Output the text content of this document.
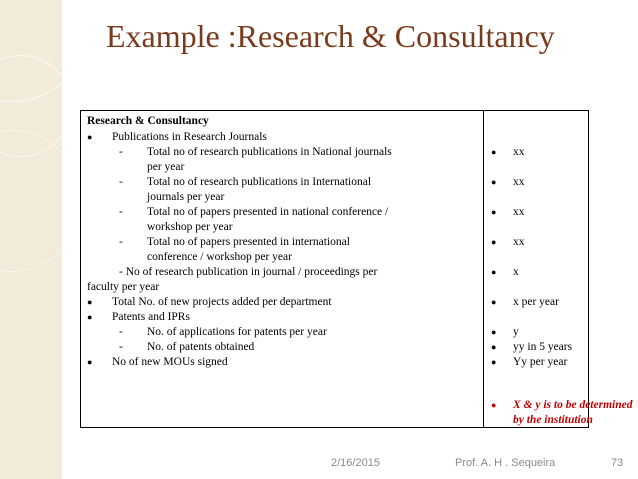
Example :Research & Consultancy
Research & Consultancy
● Publications in Research Journals
- Total no of research publications in National journals
per year
- Total no of research publications in International
journals per year
- Total no of papers presented in national conference /
workshop per year
- Total no of papers presented in international
conference / workshop per year
- No of research publication in journal / proceedings per
faculty per year
● Total No. of new projects added per department
● Patents and IPRs
- No. of applications for patents per year
- No. of patents obtained
● No of new MOUs signed
● xx
● xx
● xx
● xx
● x
● x per year
● y
● yy in 5 years
● Yy per year
● X & y is to be determined
by the institution
2/16/2015	Prof. A. H . Sequeira	73
